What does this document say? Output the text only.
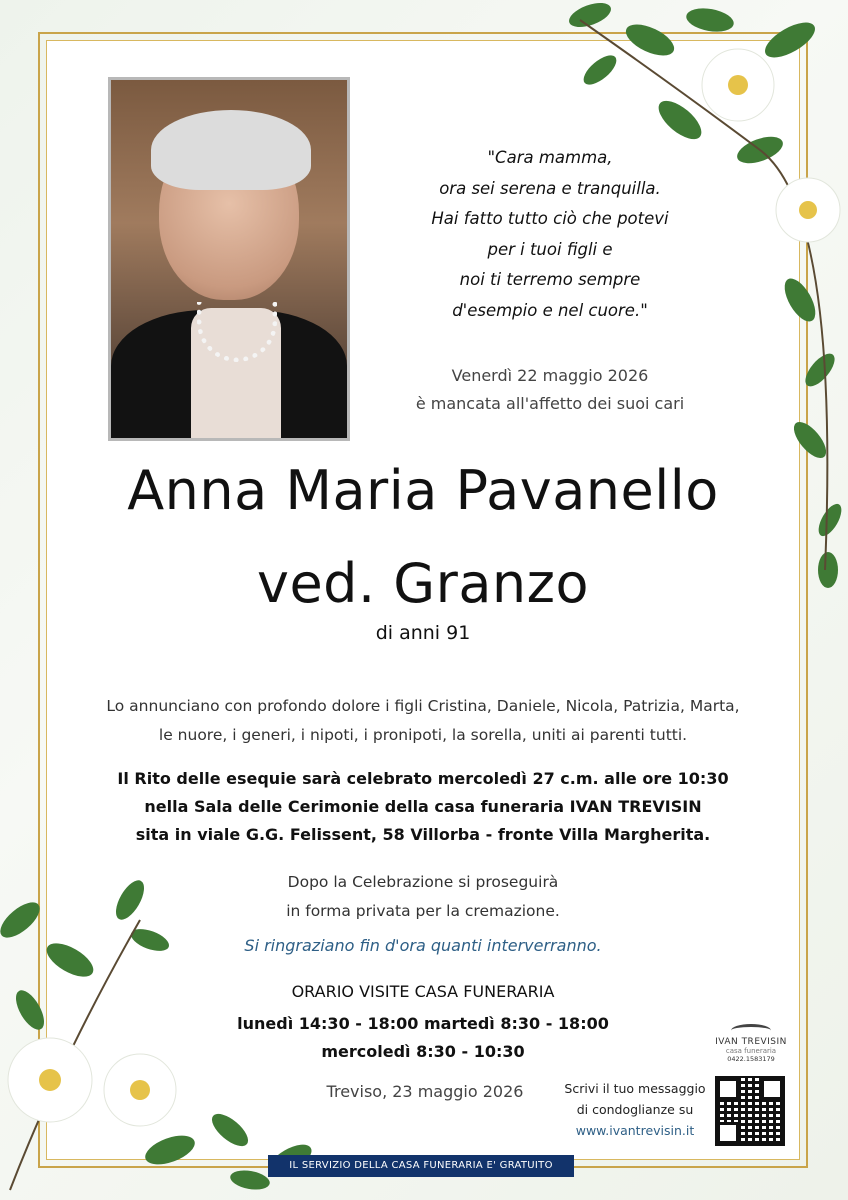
"Cara mamma,
ora sei serena e tranquilla.
Hai fatto tutto ciò che potevi
per i tuoi figli e
noi ti terremo sempre
d'esempio e nel cuore."
Venerdì 22 maggio 2026
è mancata all'affetto dei suoi cari
Anna Maria Pavanello
ved. Granzo
di anni 91
Lo annunciano con profondo dolore i figli Cristina, Daniele, Nicola, Patrizia, Marta,
le nuore, i generi, i nipoti, i pronipoti, la sorella, uniti ai parenti tutti.
Il Rito delle esequie sarà celebrato mercoledì 27 c.m. alle ore 10:30
nella Sala delle Cerimonie della casa funeraria IVAN TREVISIN
sita in viale G.G. Felissent, 58 Villorba - fronte Villa Margherita.
Dopo la Celebrazione si proseguirà
in forma privata per la cremazione.
Si ringraziano fin d'ora quanti interverranno.
ORARIO VISITE CASA FUNERARIA
lunedì 14:30 - 18:00 martedì 8:30 - 18:00
mercoledì 8:30 - 10:30
Treviso, 23 maggio 2026	Scrivi il tuo messaggio
di condoglianze su
www.ivantrevisin.it
IVAN TREVISIN
casa funeraria
0422.1583179
IL SERVIZIO DELLA CASA FUNERARIA E' GRATUITO
